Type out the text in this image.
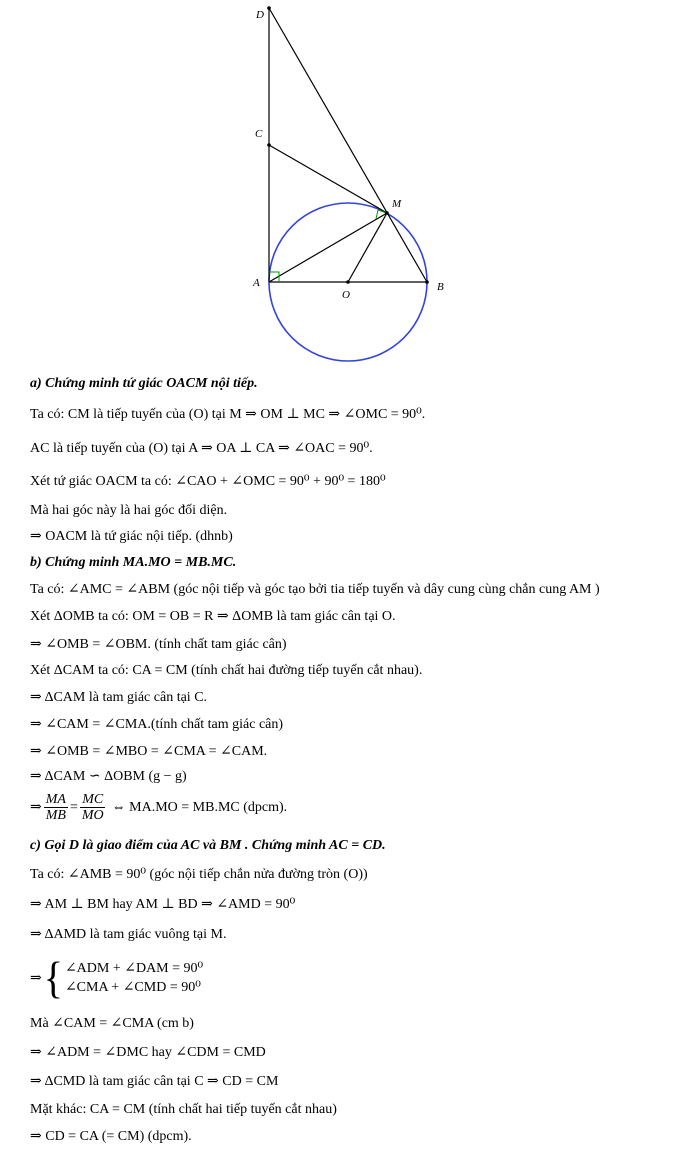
D
C
M
A
O
B
a) Chứng minh tứ giác OACM nội tiếp.
Ta có: CM là tiếp tuyến của (O) tại M ⇒ OM ⊥ MC ⇒ ∠OMC = 90⁰.
AC là tiếp tuyến của (O) tại A ⇒ OA ⊥ CA ⇒ ∠OAC = 90⁰.
Xét tứ giác OACM ta có: ∠CAO + ∠OMC = 90⁰ + 90⁰ = 180⁰
Mà hai góc này là hai góc đối diện.
⇒ OACM là tứ giác nội tiếp. (dhnb)
b) Chứng minh MA.MO = MB.MC.
Ta có: ∠AMC = ∠ABM (góc nội tiếp và góc tạo bởi tia tiếp tuyến và dây cung cùng chắn cung AM )
Xét ΔOMB ta có: OM = OB = R ⇒ ΔOMB là tam giác cân tại O.
⇒ ∠OMB = ∠OBM. (tính chất tam giác cân)
Xét ΔCAM ta có: CA = CM (tính chất hai đường tiếp tuyến cắt nhau).
⇒ ΔCAM là tam giác cân tại C.
⇒ ∠CAM = ∠CMA.(tính chất tam giác cân)
⇒ ∠OMB = ∠MBO = ∠CMA = ∠CAM.
⇒ ΔCAM ∽ ΔOBM (g − g)
⇒ $\frac{MA}{MB} = \frac{MC}{MO}$ ⇔ MA.MO = MB.MC (dpcm).
c) Gọi D là giao điểm của AC và BM . Chứng minh AC = CD.
Ta có: ∠AMB = 90⁰ (góc nội tiếp chắn nửa đường tròn (O))
⇒ AM ⊥ BM hay AM ⊥ BD ⇒ ∠AMD = 90⁰
⇒ ΔAMD là tam giác vuông tại M.
⇒ { ∠ADM + ∠DAM = 90⁰
∠CMA + ∠CMD = 90⁰
Mà ∠CAM = ∠CMA (cm b)
⇒ ∠ADM = ∠DMC hay ∠CDM = CMD
⇒ ΔCMD là tam giác cân tại C ⇒ CD = CM
Mặt khác: CA = CM (tính chất hai tiếp tuyến cắt nhau)
⇒ CD = CA (= CM) (dpcm).
